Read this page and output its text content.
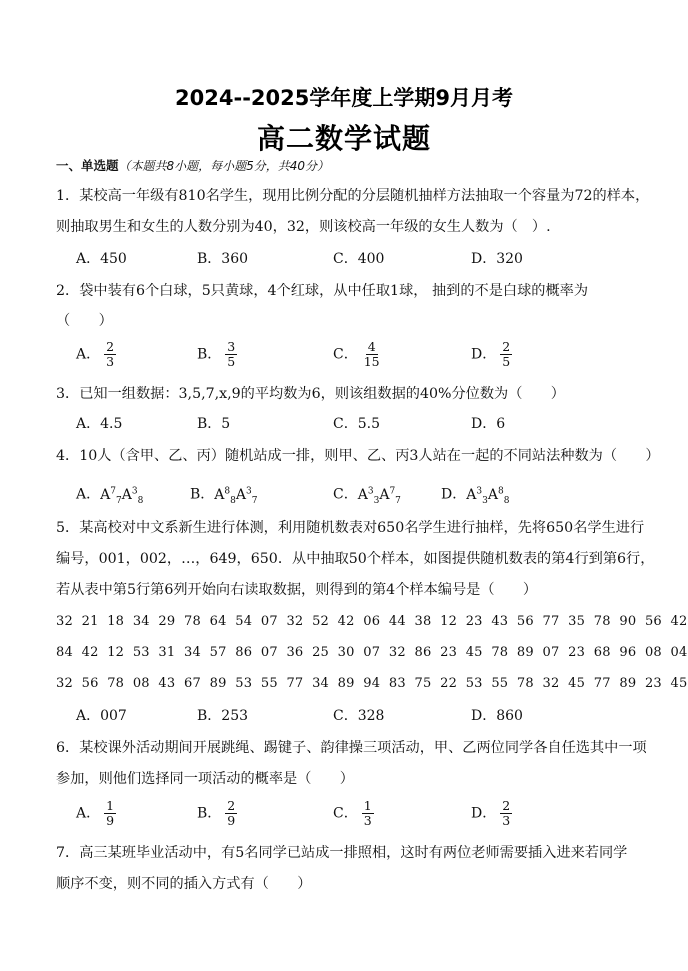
2024--2025学年度上学期9月月考
高二数学试题
一、单选题（本题共8小题，每小题5分，共40分）
1．某校高一年级有810名学生，现用比例分配的分层随机抽样方法抽取一个容量为72的样本，
则抽取男生和女生的人数分别为40，32，则该校高一年级的女生人数为（　）.
A．450	B．360	C．400	D．320
2．袋中装有6个白球，5只黄球，4个红球，从中任取1球， 抽到的不是白球的概率为
（　　）
A． $\frac{2}{3}$	B． $\frac{3}{5}$	C． $\frac{4}{15}$	D． $\frac{2}{5}$
3．已知一组数据：3,5,7,x,9的平均数为6，则该组数据的40%分位数为（　　）
A．4.5	B．5	C．5.5	D．6
4．10人（含甲、乙、丙）随机站成一排，则甲、乙、丙3人站在一起的不同站法种数为（　　）
A．$A^7_7A^3_8$	B．$A^8_8A^3_7$	C．$A^3_3A^7_7$	D．$A^3_3A^8_8$
5．某高校对中文系新生进行体测，利用随机数表对650名学生进行抽样，先将650名学生进行
编号，001，002，…，649，650．从中抽取50个样本，如图提供随机数表的第4行到第6行，
若从表中第5行第6列开始向右读取数据，则得到的第4个样本编号是（　　）
32  21  18  34  29  78  64  54  07  32  52  42  06  44  38  12  23  43  56  77  35  78  90  56  42
84  42  12  53  31  34  57  86  07  36  25  30  07  32  86  23  45  78  89  07  23  68  96  08  04
32  56  78  08  43  67  89  53  55  77  34  89  94  83  75  22  53  55  78  32  45  77  89  23  45
A．007	B．253	C．328	D．860
6．某校课外活动期间开展跳绳、踢键子、韵律操三项活动，甲、乙两位同学各自任选其中一项
参加，则他们选择同一项活动的概率是（　　）
A． $\frac{1}{9}$	B． $\frac{2}{9}$	C． $\frac{1}{3}$	D． $\frac{2}{3}$
7．高三某班毕业活动中，有5名同学已站成一排照相，这时有两位老师需要插入进来若同学
顺序不变，则不同的插入方式有（　　）
